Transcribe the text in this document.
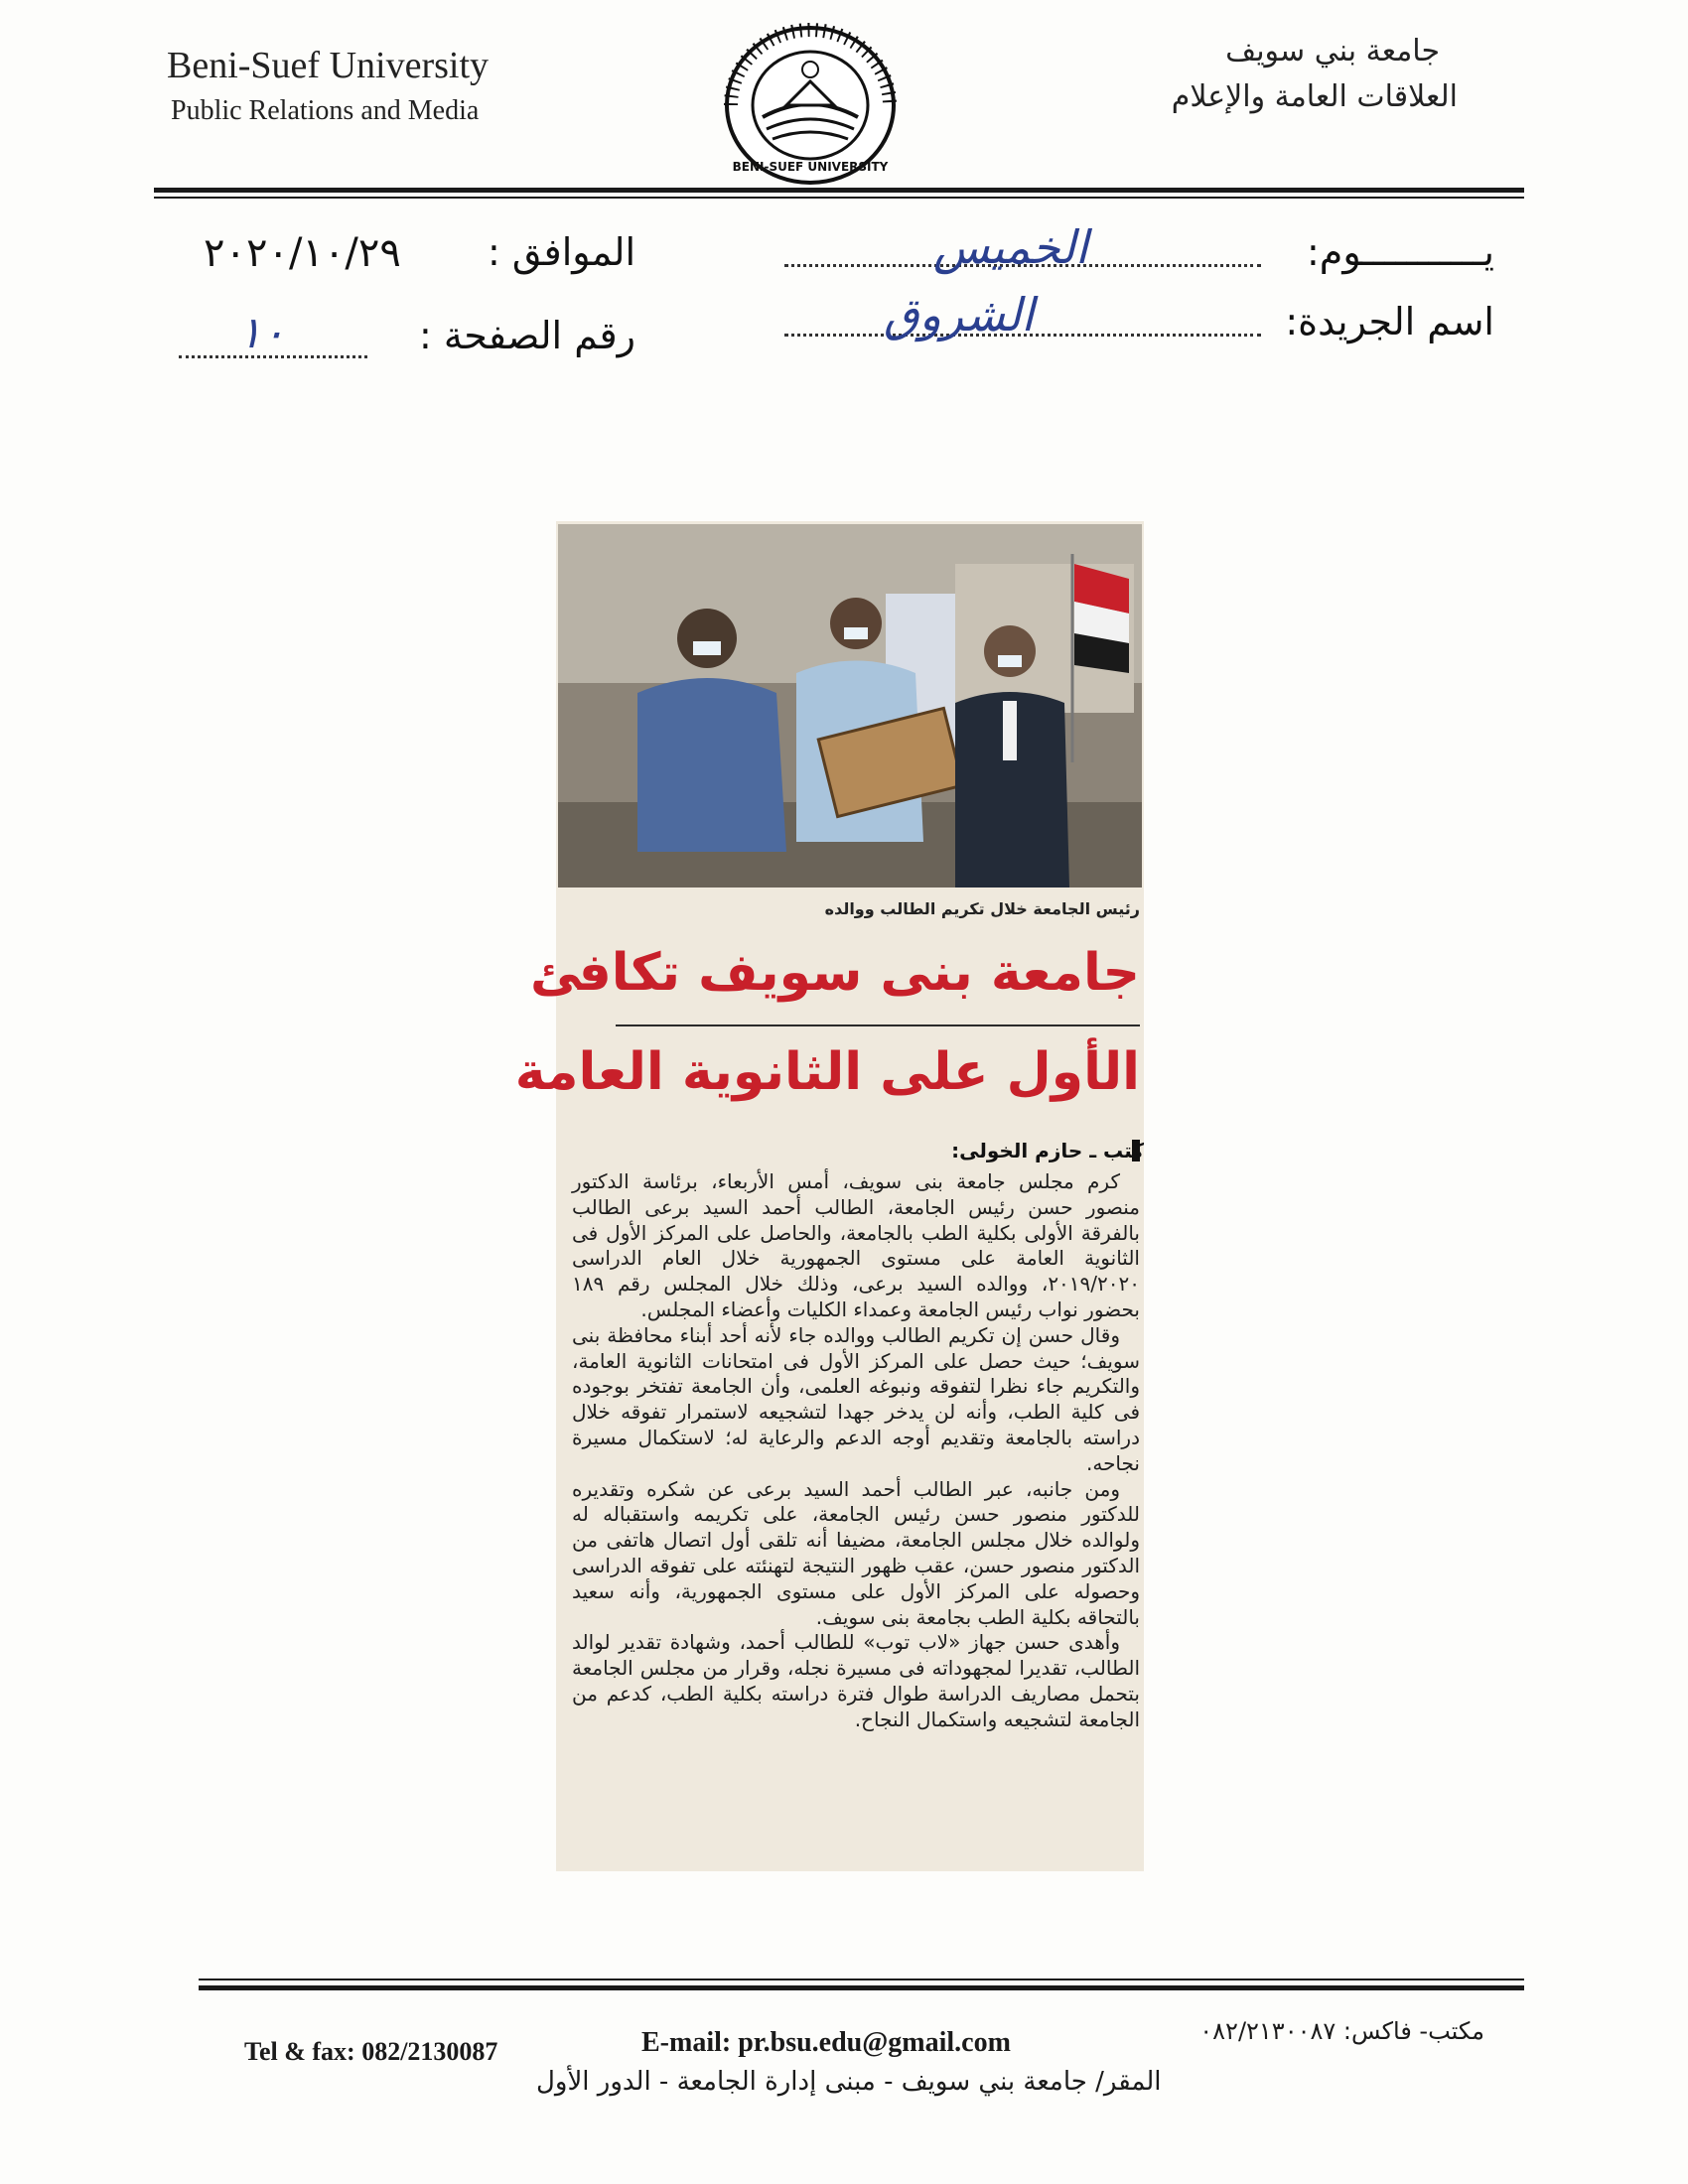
Beni-Suef University
Public Relations and Media
جامعة بني سويف
العلاقات العامة والإعلام
BENI-SUEF UNIVERSITY
يـــــــــــوم:
الخميس
اسم الجريدة:
الشروق
الموافق :
٢٠٢٠/١٠/٢٩
رقم الصفحة :
١٠
رئيس الجامعة خلال تكريم الطالب ووالده
جامعة بنى سويف تكافئ
الأول على الثانوية العامة
كتب ـ حازم الخولى:

كرم مجلس جامعة بنى سويف، أمس الأربعاء، برئاسة الدكتور منصور حسن رئيس الجامعة، الطالب أحمد السيد برعى الطالب بالفرقة الأولى بكلية الطب بالجامعة، والحاصل على المركز الأول فى الثانوية العامة على مستوى الجمهورية خلال العام الدراسى ٢٠١٩/٢٠٢٠، ووالده السيد برعى، وذلك خلال المجلس رقم ١٨٩ بحضور نواب رئيس الجامعة وعمداء الكليات وأعضاء المجلس.

وقال حسن إن تكريم الطالب ووالده جاء لأنه أحد أبناء محافظة بنى سويف؛ حيث حصل على المركز الأول فى امتحانات الثانوية العامة، والتكريم جاء نظرا لتفوقه ونبوغه العلمى، وأن الجامعة تفتخر بوجوده فى كلية الطب، وأنه لن يدخر جهدا لتشجيعه لاستمرار تفوقه خلال دراسته بالجامعة وتقديم أوجه الدعم والرعاية له؛ لاستكمال مسيرة نجاحه.

ومن جانبه، عبر الطالب أحمد السيد برعى عن شكره وتقديره للدكتور منصور حسن رئيس الجامعة، على تكريمه واستقباله له ولوالده خلال مجلس الجامعة، مضيفا أنه تلقى أول اتصال هاتفى من الدكتور منصور حسن، عقب ظهور النتيجة لتهنئته على تفوقه الدراسى وحصوله على المركز الأول على مستوى الجمهورية، وأنه سعيد بالتحاقه بكلية الطب بجامعة بنى سويف.

وأهدى حسن جهاز «لاب توب» للطالب أحمد، وشهادة تقدير لوالد الطالب، تقديرا لمجهوداته فى مسيرة نجله، وقرار من مجلس الجامعة بتحمل مصاريف الدراسة طوال فترة دراسته بكلية الطب، كدعم من الجامعة لتشجيعه واستكمال النجاح.

Tel & fax: 082/2130087	E-mail: pr.bsu.edu@gmail.com	مكتب- فاكس: ٠٨٢/٢١٣٠٠٨٧
المقر/ جامعة بني سويف - مبنى إدارة الجامعة - الدور الأول
